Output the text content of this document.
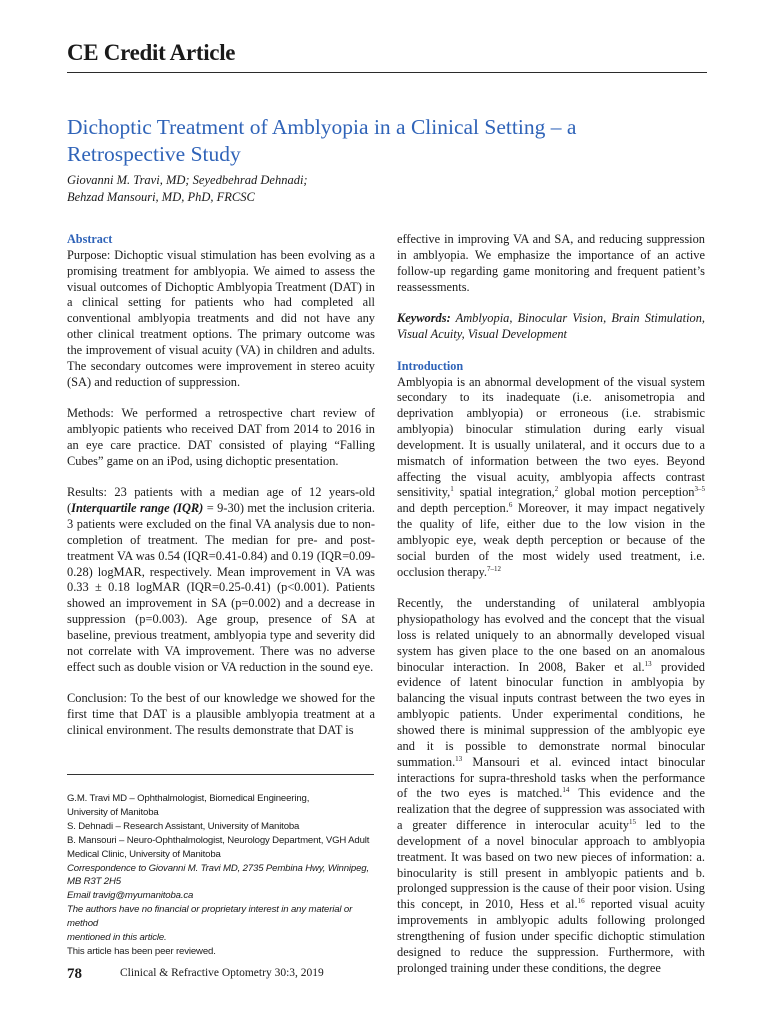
CE Credit Article
Dichoptic Treatment of Amblyopia in a Clinical Setting – a Retrospective Study
Giovanni M. Travi, MD; Seyedbehrad Dehnadi;
Behzad Mansouri, MD, PhD, FRCSC
Abstract

Purpose: Dichoptic visual stimulation has been evolving as a promising treatment for amblyopia. We aimed to assess the visual outcomes of Dichoptic Amblyopia Treatment (DAT) in a clinical setting for patients who had completed all conventional amblyopia treatments and did not have any other clinical treatment options. The primary outcome was the improvement of visual acuity (VA) in children and adults. The secondary outcomes were improvement in stereo acuity (SA) and reduction of suppression.

Methods: We performed a retrospective chart review of amblyopic patients who received DAT from 2014 to 2016 in an eye care practice. DAT consisted of playing “Falling Cubes” game on an iPod, using dichoptic presentation.

Results: 23 patients with a median age of 12 years-old (Interquartile range (IQR) = 9-30) met the inclusion criteria. 3 patients were excluded on the final VA analysis due to non-completion of treatment. The median for pre- and post-treatment VA was 0.54 (IQR=0.41-0.84) and 0.19 (IQR=0.09-0.28) logMAR, respectively. Mean improvement in VA was 0.33 ± 0.18 logMAR (IQR=0.25-0.41) (p<0.001). Patients showed an improvement in SA (p=0.002) and a decrease in suppression (p=0.003). Age group, presence of SA at baseline, previous treatment, amblyopia type and severity did not correlate with VA improvement. There was no adverse effect such as double vision or VA reduction in the sound eye.

Conclusion: To the best of our knowledge we showed for the first time that DAT is a plausible amblyopia treatment at a clinical environment. The results demonstrate that DAT is

effective in improving VA and SA, and reducing suppression in amblyopia. We emphasize the importance of an active follow-up regarding game monitoring and frequent patient’s reassessments.

Keywords: Amblyopia, Binocular Vision, Brain Stimulation, Visual Acuity, Visual Development

Introduction

Amblyopia is an abnormal development of the visual system secondary to its inadequate (i.e. anisometropia and deprivation amblyopia) or erroneous (i.e. strabismic amblyopia) binocular stimulation during early visual development. It is usually unilateral, and it occurs due to a mismatch of information between the two eyes. Beyond affecting the visual acuity, amblyopia affects contrast sensitivity,$^1$ spatial integration,$^2$ global motion perception$^{3-5}$ and depth perception.$^6$ Moreover, it may impact negatively the quality of life, either due to the low vision in the amblyopic eye, weak depth perception or because of the social burden of the most widely used treatment, i.e. occlusion therapy.$^{7-12}$

Recently, the understanding of unilateral amblyopia physiopathology has evolved and the concept that the visual loss is related uniquely to an abnormally developed visual system has given place to the one based on an anomalous binocular interaction. In 2008, Baker et al.$^{13}$ provided evidence of latent binocular function in amblyopia by balancing the visual inputs contrast between the two eyes in amblyopic patients. Under experimental conditions, he showed there is minimal suppression of the amblyopic eye and it is possible to demonstrate normal binocular summation.$^{13}$ Mansouri et al. evinced intact binocular interactions for supra-threshold tasks when the performance of the two eyes is matched.$^{14}$ This evidence and the realization that the degree of suppression was associated with a greater difference in interocular acuity$^{15}$ led to the development of a novel binocular approach to amblyopia treatment. It was based on two new pieces of information: a. binocularity is still present in amblyopic patients and b. prolonged suppression is the cause of their poor vision. Using this concept, in 2010, Hess et al.$^{16}$ reported visual acuity improvements in amblyopic adults following prolonged strengthening of fusion under specific dichoptic stimulation designed to reduce the suppression. Furthermore, with prolonged training under these conditions, the degree

G.M. Travi MD – Ophthalmologist, Biomedical Engineering,
University of Manitoba
S. Dehnadi – Research Assistant, University of Manitoba
B. Mansouri – Neuro-Ophthalmologist, Neurology Department, VGH Adult
Medical Clinic, University of Manitoba
Correspondence to Giovanni M. Travi MD, 2735 Pembina Hwy, Winnipeg,
MB R3T 2H5
Email travig@myumanitoba.ca
The authors have no financial or proprietary interest in any material or method
mentioned in this article.
This article has been peer reviewed.
78	Clinical & Refractive Optometry 30:3, 2019
